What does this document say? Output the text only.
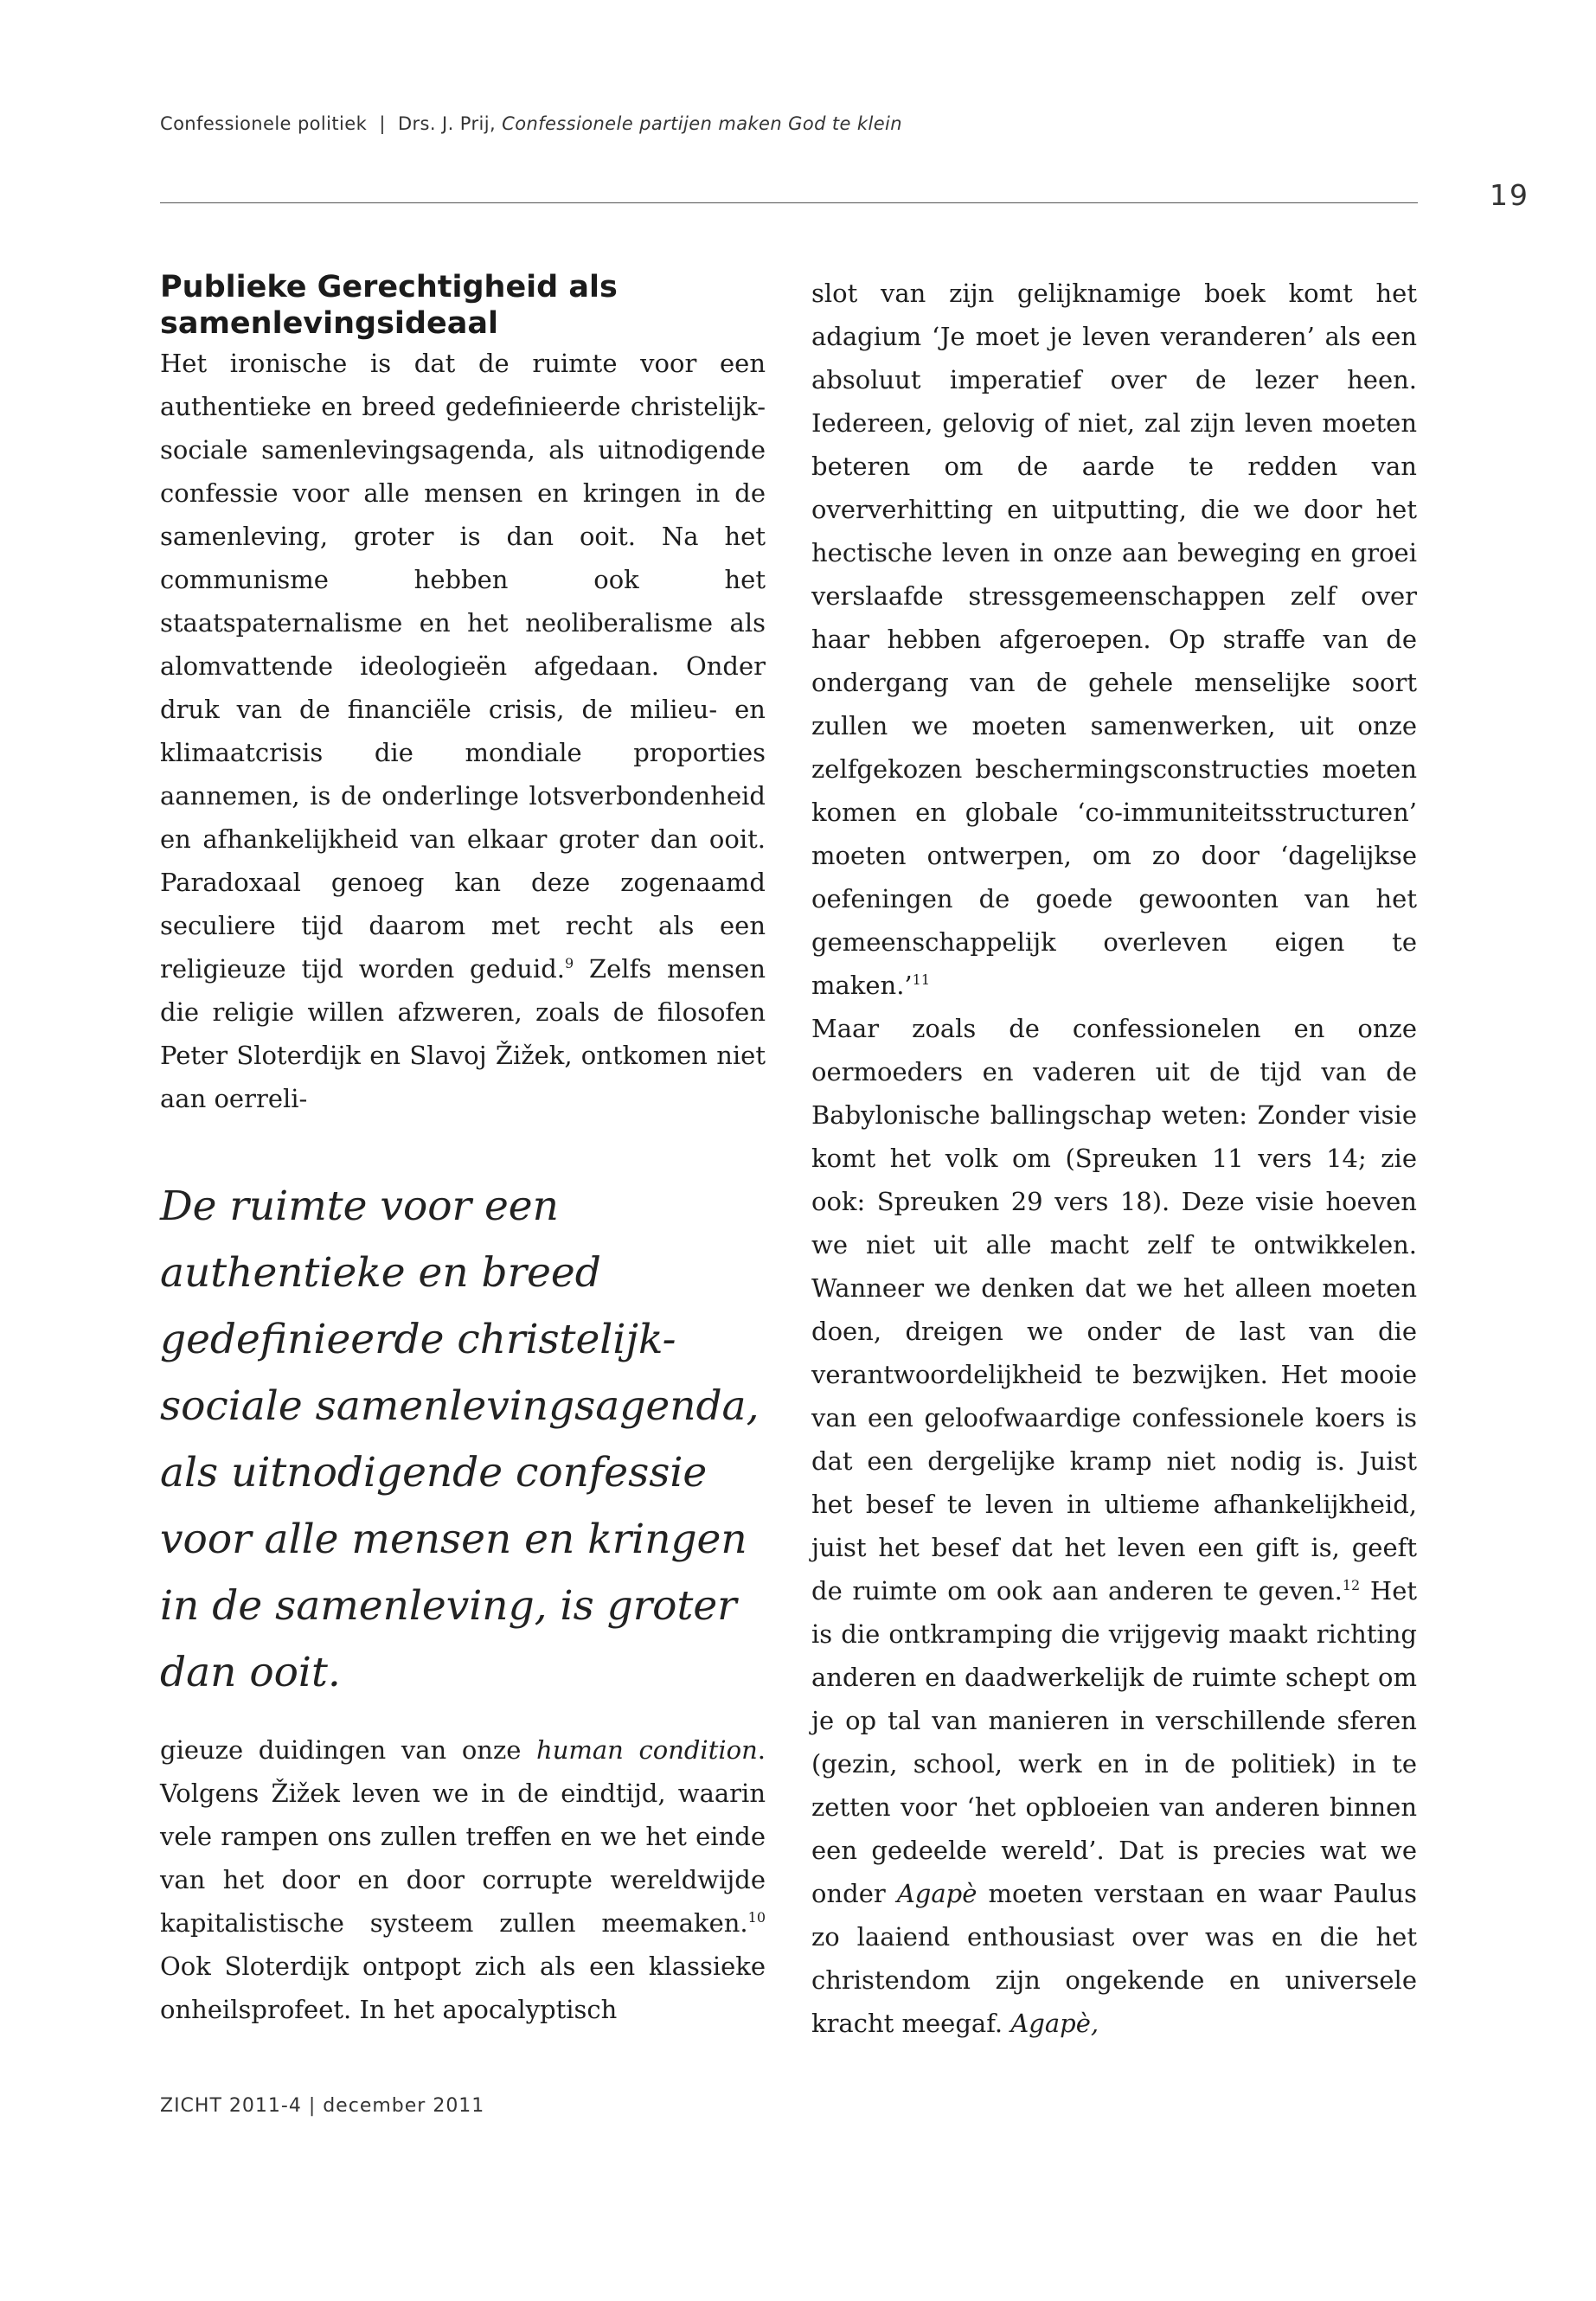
Confessionele politiek | Drs. J. Prij, Confessionele partijen maken God te klein
19
Publieke Gerechtigheid als samenlevingsideaal

Het ironische is dat de ruimte voor een authentieke en breed gedefinieerde christelijk-sociale samenlevingsagenda, als uitnodigende confessie voor alle mensen en kringen in de samenleving, groter is dan ooit. Na het communisme hebben ook het staatspaternalisme en het neoliberalisme als alomvattende ideologieën afgedaan. Onder druk van de financiële crisis, de milieu- en klimaatcrisis die mondiale proporties aannemen, is de onderlinge lotsverbondenheid en afhankelijkheid van elkaar groter dan ooit. Paradoxaal genoeg kan deze zogenaamd seculiere tijd daarom met recht als een religieuze tijd worden geduid.$^9$ Zelfs mensen die religie willen afzweren, zoals de filosofen Peter Sloterdijk en Slavoj Žižek, ontkomen niet aan oerreli-

De ruimte voor een authentieke en breed gedefinieerde christelijk-sociale samenlevingsagenda, als uitnodigende confessie voor alle mensen en kringen in de samenleving, is groter dan ooit.

gieuze duidingen van onze human condition. Volgens Žižek leven we in de eindtijd, waarin vele rampen ons zullen treffen en we het einde van het door en door corrupte wereldwijde kapitalistische systeem zullen meemaken.$^{10}$ Ook Sloterdijk ontpopt zich als een klassieke onheilsprofeet. In het apocalyptisch

slot van zijn gelijknamige boek komt het adagium ‘Je moet je leven veranderen’ als een absoluut imperatief over de lezer heen. Iedereen, gelovig of niet, zal zijn leven moeten beteren om de aarde te redden van oververhitting en uitputting, die we door het hectische leven in onze aan beweging en groei verslaafde stressgemeenschappen zelf over haar hebben afgeroepen. Op straffe van de ondergang van de gehele menselijke soort zullen we moeten samenwerken, uit onze zelfgekozen beschermingsconstructies moeten komen en globale ‘co-immuniteitsstructuren’ moeten ontwerpen, om zo door ‘dagelijkse oefeningen de goede gewoonten van het gemeenschappelijk overleven eigen te maken.’$^{11}$

Maar zoals de confessionelen en onze oermoeders en vaderen uit de tijd van de Babylonische ballingschap weten: Zonder visie komt het volk om (Spreuken 11 vers 14; zie ook: Spreuken 29 vers 18). Deze visie hoeven we niet uit alle macht zelf te ontwikkelen. Wanneer we denken dat we het alleen moeten doen, dreigen we onder de last van die verantwoordelijkheid te bezwijken. Het mooie van een geloofwaardige confessionele koers is dat een dergelijke kramp niet nodig is. Juist het besef te leven in ultieme afhankelijkheid, juist het besef dat het leven een gift is, geeft de ruimte om ook aan anderen te geven.$^{12}$ Het is die ontkramping die vrijgevig maakt richting anderen en daadwerkelijk de ruimte schept om je op tal van manieren in verschillende sferen (gezin, school, werk en in de politiek) in te zetten voor ‘het opbloeien van anderen binnen een gedeelde wereld’. Dat is precies wat we onder Agapè moeten verstaan en waar Paulus zo laaiend enthousiast over was en die het christendom zijn ongekende en universele kracht meegaf. Agapè,

ZICHT 2011-4 | december 2011
